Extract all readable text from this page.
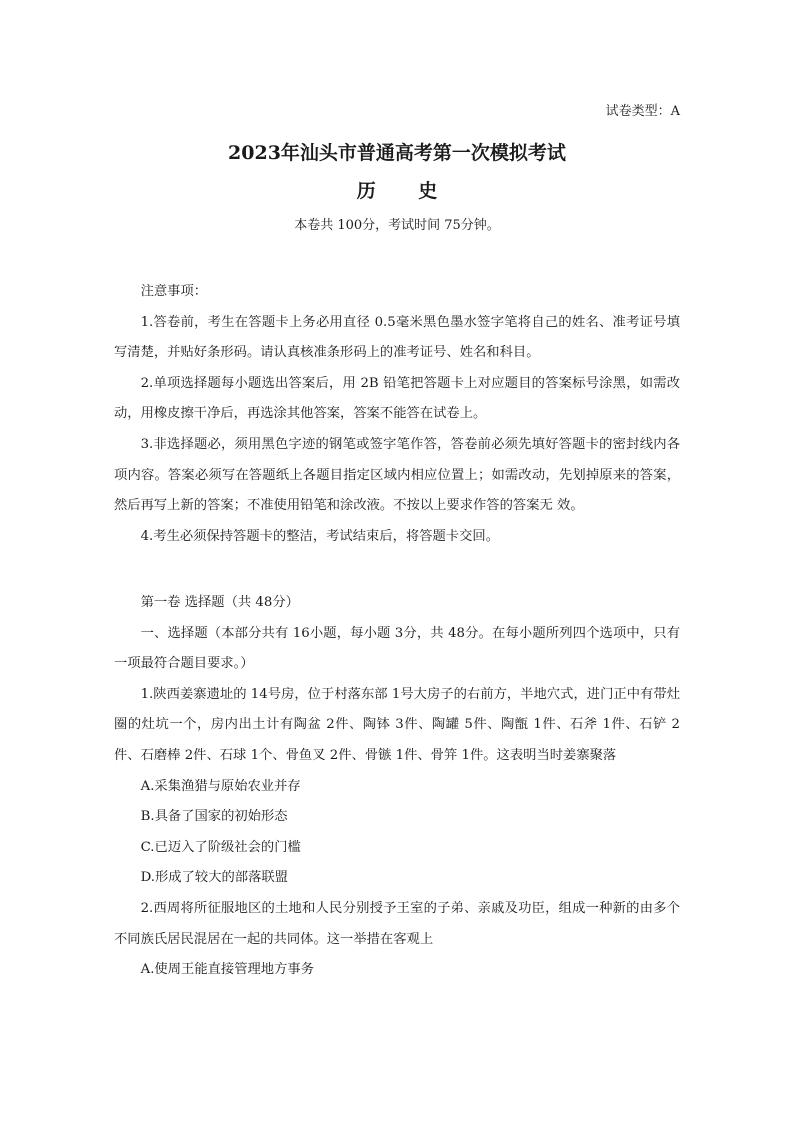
试卷类型：A
2023年汕头市普通高考第一次模拟考试
历 史
本卷共 100分，考试时间 75分钟。

注意事项：

1.答卷前，考生在答题卡上务必用直径 0.5毫米黑色墨水签字笔将自己的姓名、准考证号填写清楚，并贴好条形码。请认真核准条形码上的准考证号、姓名和科目。

2.单项选择题每小题选出答案后，用 2B 铅笔把答题卡上对应题目的答案标号涂黑，如需改动，用橡皮擦干净后，再选涂其他答案，答案不能答在试卷上。

3.非选择题必，须用黑色字迹的钢笔或签字笔作答，答卷前必须先填好答题卡的密封线内各项内容。答案必须写在答题纸上各题目指定区域内相应位置上；如需改动，先划掉原来的答案，然后再写上新的答案；不准使用铅笔和涂改液。不按以上要求作答的答案无 效。

4.考生必须保持答题卡的整洁，考试结束后，将答题卡交回。

第一卷 选择题（共 48分）

一、选择题（本部分共有 16小题，每小题 3分，共 48分。在每小题所列四个选项中，只有一项最符合题目要求。）

1.陕西姜寨遗址的 14号房，位于村落东部 1号大房子的右前方，半地穴式，进门正中有带灶圈的灶坑一个，房内出土计有陶盆 2件、陶钵 3件、陶罐 5件、陶甑 1件、石斧 1件、石铲 2件、石磨棒 2件、石球 1个、骨鱼叉 2件、骨镞 1件、骨笄 1件。这表明当时姜寨聚落

A.采集渔猎与原始农业并存

B.具备了国家的初始形态

C.已迈入了阶级社会的门槛

D.形成了较大的部落联盟

2.西周将所征服地区的土地和人民分别授予王室的子弟、亲戚及功臣，组成一种新的由多个不同族氏居民混居在一起的共同体。这一举措在客观上

A.使周王能直接管理地方事务
